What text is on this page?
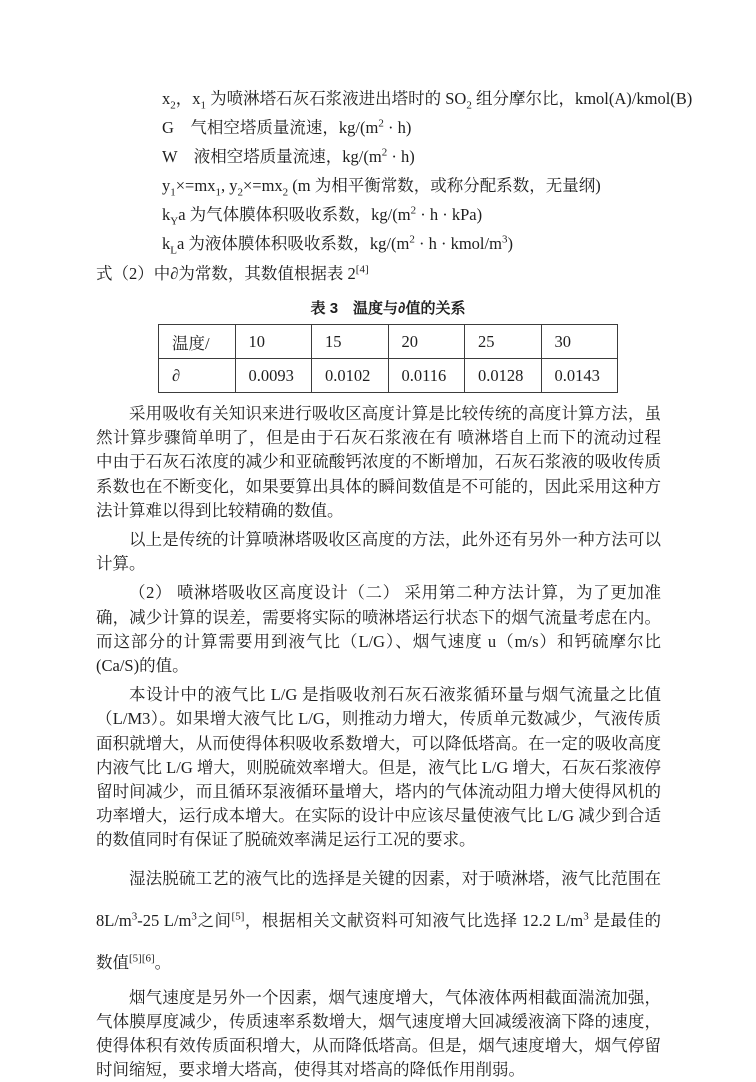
$x_2$，$x_1$ 为喷淋塔石灰石浆液进出塔时的 $SO_2$ 组分摩尔比，kmol(A)/kmol(B)
G　气相空塔质量流速，$kg/(m^2 \cdot h)$
W　液相空塔质量流速，$kg/(m^2 \cdot h)$
$y_1\times=mx_1$, $y_2\times=mx_2$ (m 为相平衡常数，或称分配系数，无量纲)
$k_Ya$ 为气体膜体积吸收系数，$kg/(m^2 \cdot h \cdot kPa)$
$k_La$ 为液体膜体积吸收系数，$kg/(m^2 \cdot h$ · kmol/$m^3$)
式（2）中∂为常数，其数值根据表 2[4]
表 3　温度与∂值的关系
温度/	10	15	20	25	30
∂	0.0093	0.0102	0.0116	0.0128	0.0143

采用吸收有关知识来进行吸收区高度计算是比较传统的高度计算方法，虽然计算步骤简单明了，但是由于石灰石浆液在有 喷淋塔自上而下的流动过程中由于石灰石浓度的减少和亚硫酸钙浓度的不断增加，石灰石浆液的吸收传质系数也在不断变化，如果要算出具体的瞬间数值是不可能的，因此采用这种方法计算难以得到比较精确的数值。

以上是传统的计算喷淋塔吸收区高度的方法，此外还有另外一种方法可以计算。

（2） 喷淋塔吸收区高度设计（二） 采用第二种方法计算，为了更加准确，减少计算的误差，需要将实际的喷淋塔运行状态下的烟气流量考虑在内。而这部分的计算需要用到液气比（L/G）、烟气速度 u（m/s）和钙硫摩尔比(Ca/S)的值。

本设计中的液气比 L/G 是指吸收剂石灰石液浆循环量与烟气流量之比值（L/M3）。如果增大液气比 L/G，则推动力增大，传质单元数减少，气液传质面积就增大，从而使得体积吸收系数增大，可以降低塔高。在一定的吸收高度内液气比 L/G 增大，则脱硫效率增大。但是，液气比 L/G 增大，石灰石浆液停留时间减少，而且循环泵液循环量增大，塔内的气体流动阻力增大使得风机的功率增大，运行成本增大。在实际的设计中应该尽量使液气比 L/G 减少到合适的数值同时有保证了脱硫效率满足运行工况的要求。

湿法脱硫工艺的液气比的选择是关键的因素，对于喷淋塔，液气比范围在$8L/m^3-25$ $L/m^3$之间[5]，根据相关文献资料可知液气比选择 12.2 $L/m^3$ 是最佳的数值[5][6]。

烟气速度是另外一个因素，烟气速度增大，气体液体两相截面湍流加强，气体膜厚度减少，传质速率系数增大，烟气速度增大回减缓液滴下降的速度，使得体积有效传质面积增大，从而降低塔高。但是，烟气速度增大，烟气停留时间缩短，要求增大塔高，使得其对塔高的降低作用削弱。
